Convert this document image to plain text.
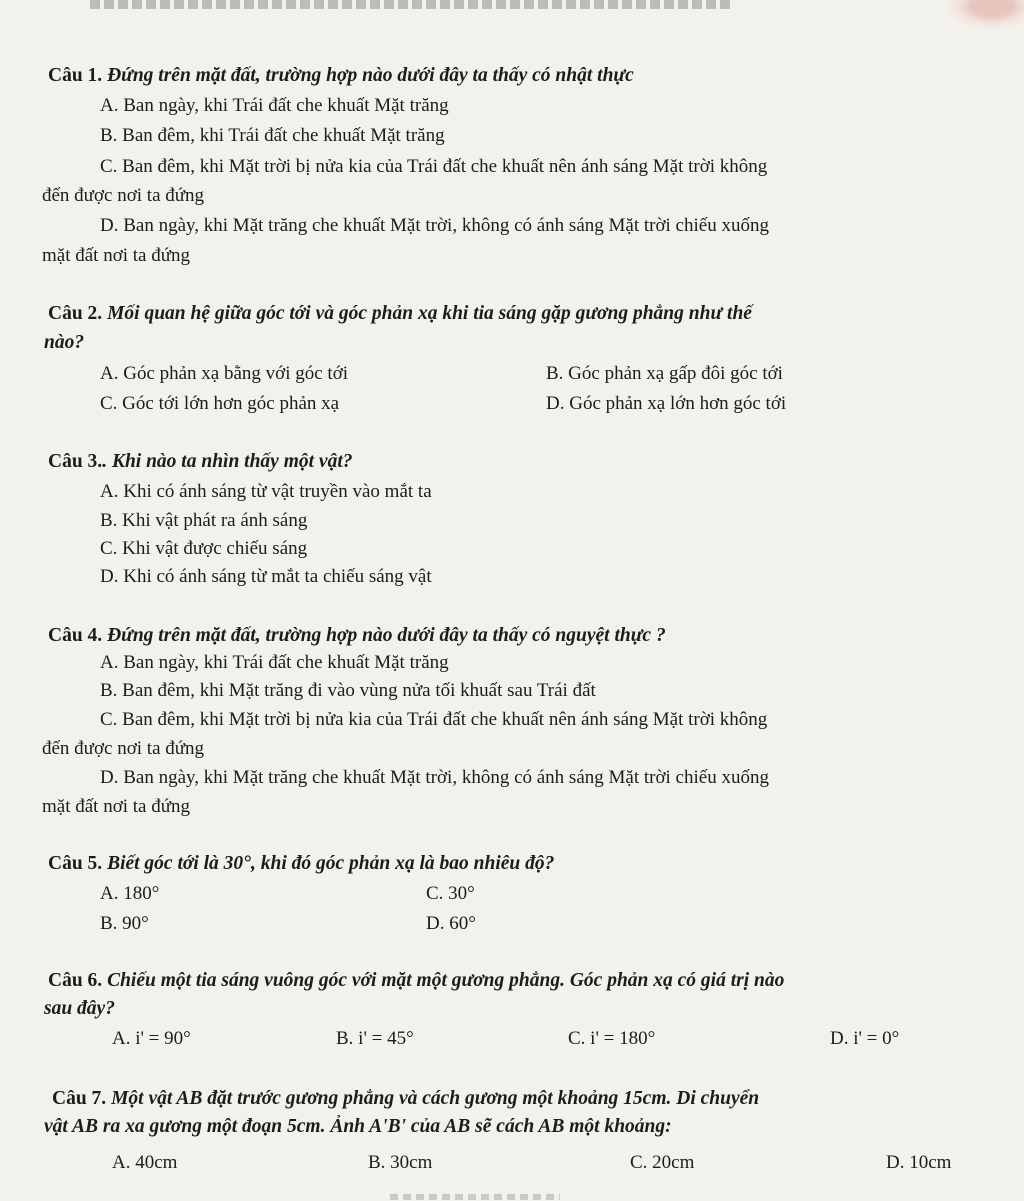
Câu 1. Đứng trên mặt đất, trường hợp nào dưới đây ta thấy có nhật thực
A. Ban ngày, khi Trái đất che khuất Mặt trăng
B. Ban đêm, khi Trái đất che khuất Mặt trăng
C. Ban đêm, khi Mặt trời bị nửa kia của Trái đất che khuất nên ánh sáng Mặt trời không
đến được nơi ta đứng
D. Ban ngày, khi Mặt trăng che khuất Mặt trời, không có ánh sáng Mặt trời chiếu xuống
mặt đất nơi ta đứng
Câu 2. Mối quan hệ giữa góc tới và góc phản xạ khi tia sáng gặp gương phẳng như thế
nào?
A. Góc phản xạ bằng với góc tới	B. Góc phản xạ gấp đôi góc tới
C. Góc tới lớn hơn góc phản xạ	D. Góc phản xạ lớn hơn góc tới
Câu 3.. Khi nào ta nhìn thấy một vật?
A. Khi có ánh sáng từ vật truyền vào mắt ta
B. Khi vật phát ra ánh sáng
C. Khi vật được chiếu sáng
D. Khi có ánh sáng từ mắt ta chiếu sáng vật
Câu 4. Đứng trên mặt đất, trường hợp nào dưới đây ta thấy có nguyệt thực ?
A. Ban ngày, khi Trái đất che khuất Mặt trăng
B. Ban đêm, khi Mặt trăng đi vào vùng nửa tối khuất sau Trái đất
C. Ban đêm, khi Mặt trời bị nửa kia của Trái đất che khuất nên ánh sáng Mặt trời không
đến được nơi ta đứng
D. Ban ngày, khi Mặt trăng che khuất Mặt trời, không có ánh sáng Mặt trời chiếu xuống
mặt đất nơi ta đứng
Câu 5. Biết góc tới là 30°, khi đó góc phản xạ là bao nhiêu độ?
A. 180°	C. 30°
B. 90°	D. 60°
Câu 6. Chiếu một tia sáng vuông góc với mặt một gương phẳng. Góc phản xạ có giá trị nào
sau đây?
A. i' = 90°	B. i' = 45°	C. i' = 180°	D. i' = 0°
Câu 7. Một vật AB đặt trước gương phẳng và cách gương một khoảng 15cm. Di chuyển
vật AB ra xa gương một đoạn 5cm. Ảnh A'B' của AB sẽ cách AB một khoảng:
A. 40cm	B. 30cm	C. 20cm	D. 10cm
